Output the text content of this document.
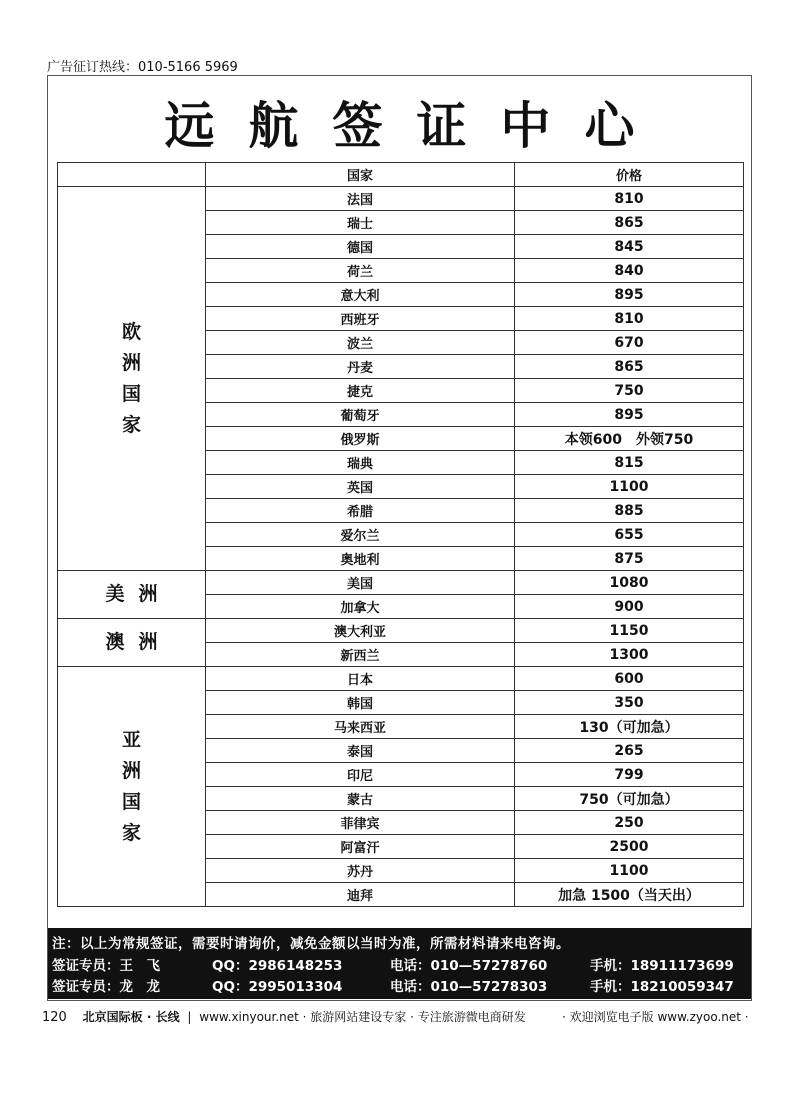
广告征订热线：010-5166 5969
远航签证中心
	国家	价格

欧
洲
国
家	法国	810
	瑞士	865
	德国	845
	荷兰	840
	意大利	895
	西班牙	810
	波兰	670
	丹麦	865
	捷克	750
	葡萄牙	895
	俄罗斯	本领600　外领750
	瑞典	815
	英国	1100
	希腊	885
	爱尔兰	655
	奥地利	875

美洲	美国	1080
	加拿大	900

澳洲	澳大利亚	1150
	新西兰	1300

亚
洲
国
家	日本	600
	韩国	350
	马来西亚	130（可加急）
	泰国	265
	印尼	799
	蒙古	750（可加急）
	菲律宾	250
	阿富汗	2500
	苏丹	1100
	迪拜	加急 1500（当天出）
注：以上为常规签证，需要时请询价，减免金额以当时为准，所需材料请来电咨询。
签证专员：王　飞	QQ：2986148253	电话：010—57278760	手机：18911173699
签证专员：龙　龙	QQ：2995013304	电话：010—57278303	手机：18210059347
120 北京国际板 · 长线 | www.xinyour.net · 旅游网站建设专家 · 专注旅游微电商研发	· 欢迎浏览电子版 www.zyoo.net ·
